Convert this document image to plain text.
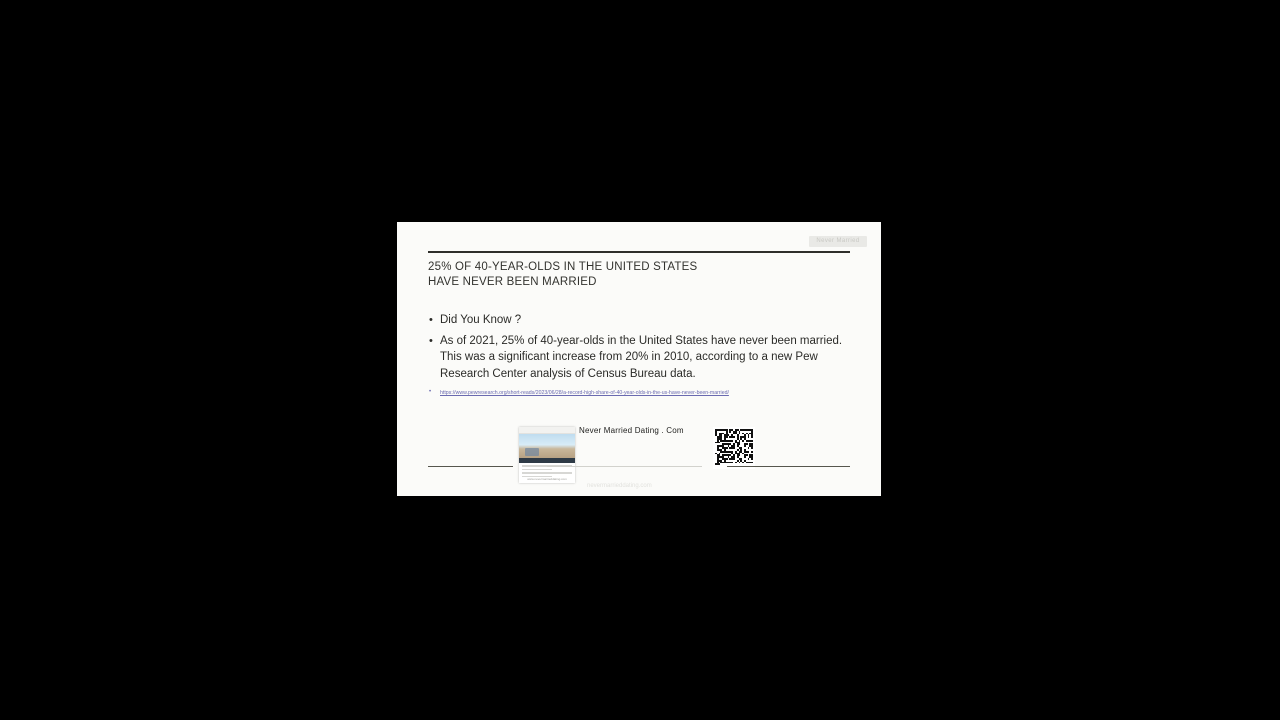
Never Married
25% OF 40-YEAR-OLDS IN THE UNITED STATES
HAVE NEVER BEEN MARRIED
• Did You Know ?
• As of 2021, 25% of 40-year-olds in the United States have never been married. This was a significant increase from 20% in 2010, according to a new Pew Research Center analysis of Census Bureau data.
• https://www.pewresearch.org/short-reads/2023/06/28/a-record-high-share-of-40-year-olds-in-the-us-have-never-been-married/
www.nevermarrieddating.com
Never Married Dating . Com
nevermarrieddating.com
